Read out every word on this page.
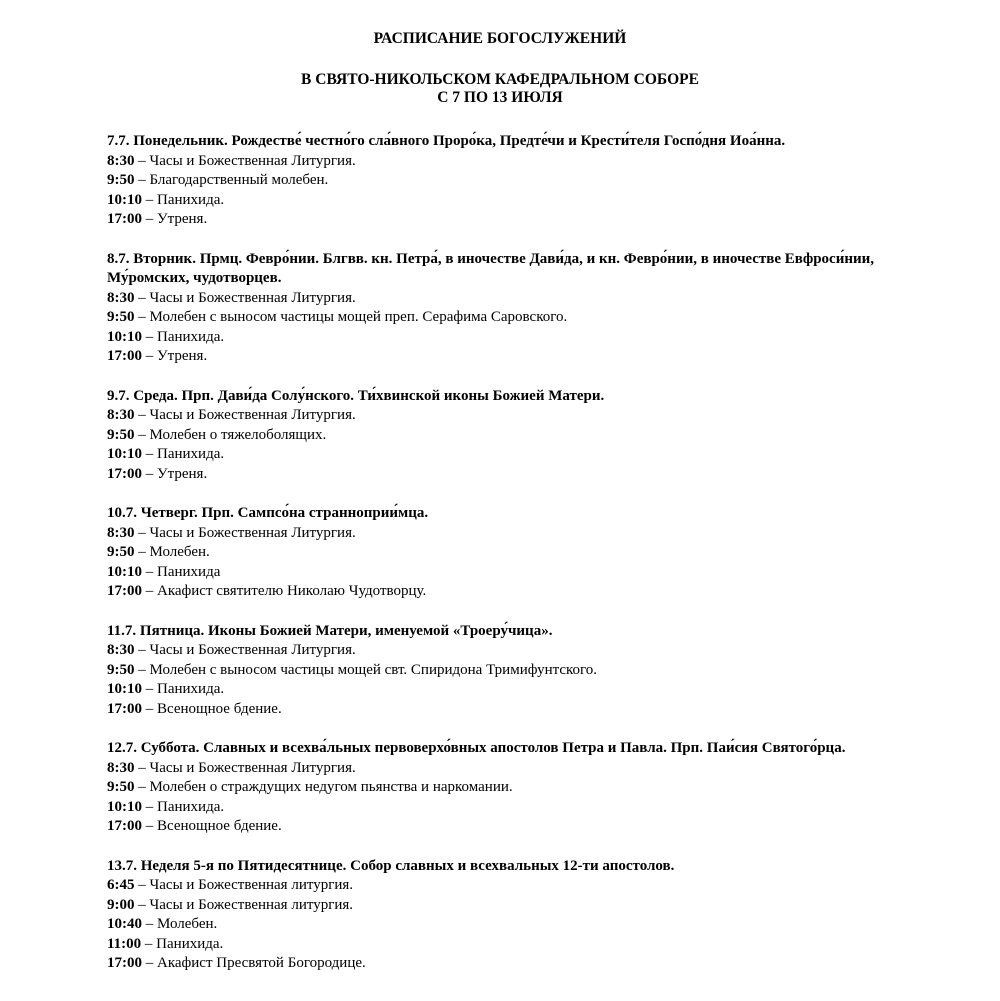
РАСПИСАНИЕ БОГОСЛУЖЕНИЙ
В СВЯТО-НИКОЛЬСКОМ КАФЕДРАЛЬНОМ СОБОРЕ
С 7 ПО 13 ИЮЛЯ
7.7. Понедельник. Рождестве́ честно́го сла́вного Проро́ка, Предте́чи и Крести́теля Госпо́дня Иоа́нна.
8:30 – Часы и Божественная Литургия.
9:50 – Благодарственный молебен.
10:10 – Панихида.
17:00 – Утреня.
8.7. Вторник. Прмц. Февро́нии. Блгвв. кн. Петра́, в иночестве Дави́да, и кн. Февро́нии, в иночестве Евфроси́нии, Му́ромских, чудотворцев.
8:30 – Часы и Божественная Литургия.
9:50 – Молебен с выносом частицы мощей преп. Серафима Саровского.
10:10 – Панихида.
17:00 – Утреня.
9.7. Среда. Прп. Дави́да Солу́нского. Ти́хвинской иконы Божией Матери.
8:30 – Часы и Божественная Литургия.
9:50 – Молебен о тяжелоболящих.
10:10 – Панихида.
17:00 – Утреня.
10.7. Четверг. Прп. Сампсо́на странноприи́мца.
8:30 – Часы и Божественная Литургия.
9:50 – Молебен.
10:10 – Панихида
17:00 – Акафист святителю Николаю Чудотворцу.
11.7. Пятница. Иконы Божией Матери, именуемой «Троеру́чица».
8:30 – Часы и Божественная Литургия.
9:50 – Молебен с выносом частицы мощей свт. Спиридона Тримифунтского.
10:10 – Панихида.
17:00 – Всенощное бдение.
12.7. Суббота. Славных и всехва́льных первоверхо́вных апостолов Петра и Павла. Прп. Паи́сия Святого́рца.
8:30 – Часы и Божественная Литургия.
9:50 – Молебен о страждущих недугом пьянства и наркомании.
10:10 – Панихида.
17:00 – Всенощное бдение.
13.7. Неделя 5-я по Пятидесятнице. Собор славных и всехвальных 12-ти апостолов.
6:45 – Часы и Божественная литургия.
9:00 – Часы и Божественная литургия.
10:40 – Молебен.
11:00 – Панихида.
17:00 – Акафист Пресвятой Богородице.
